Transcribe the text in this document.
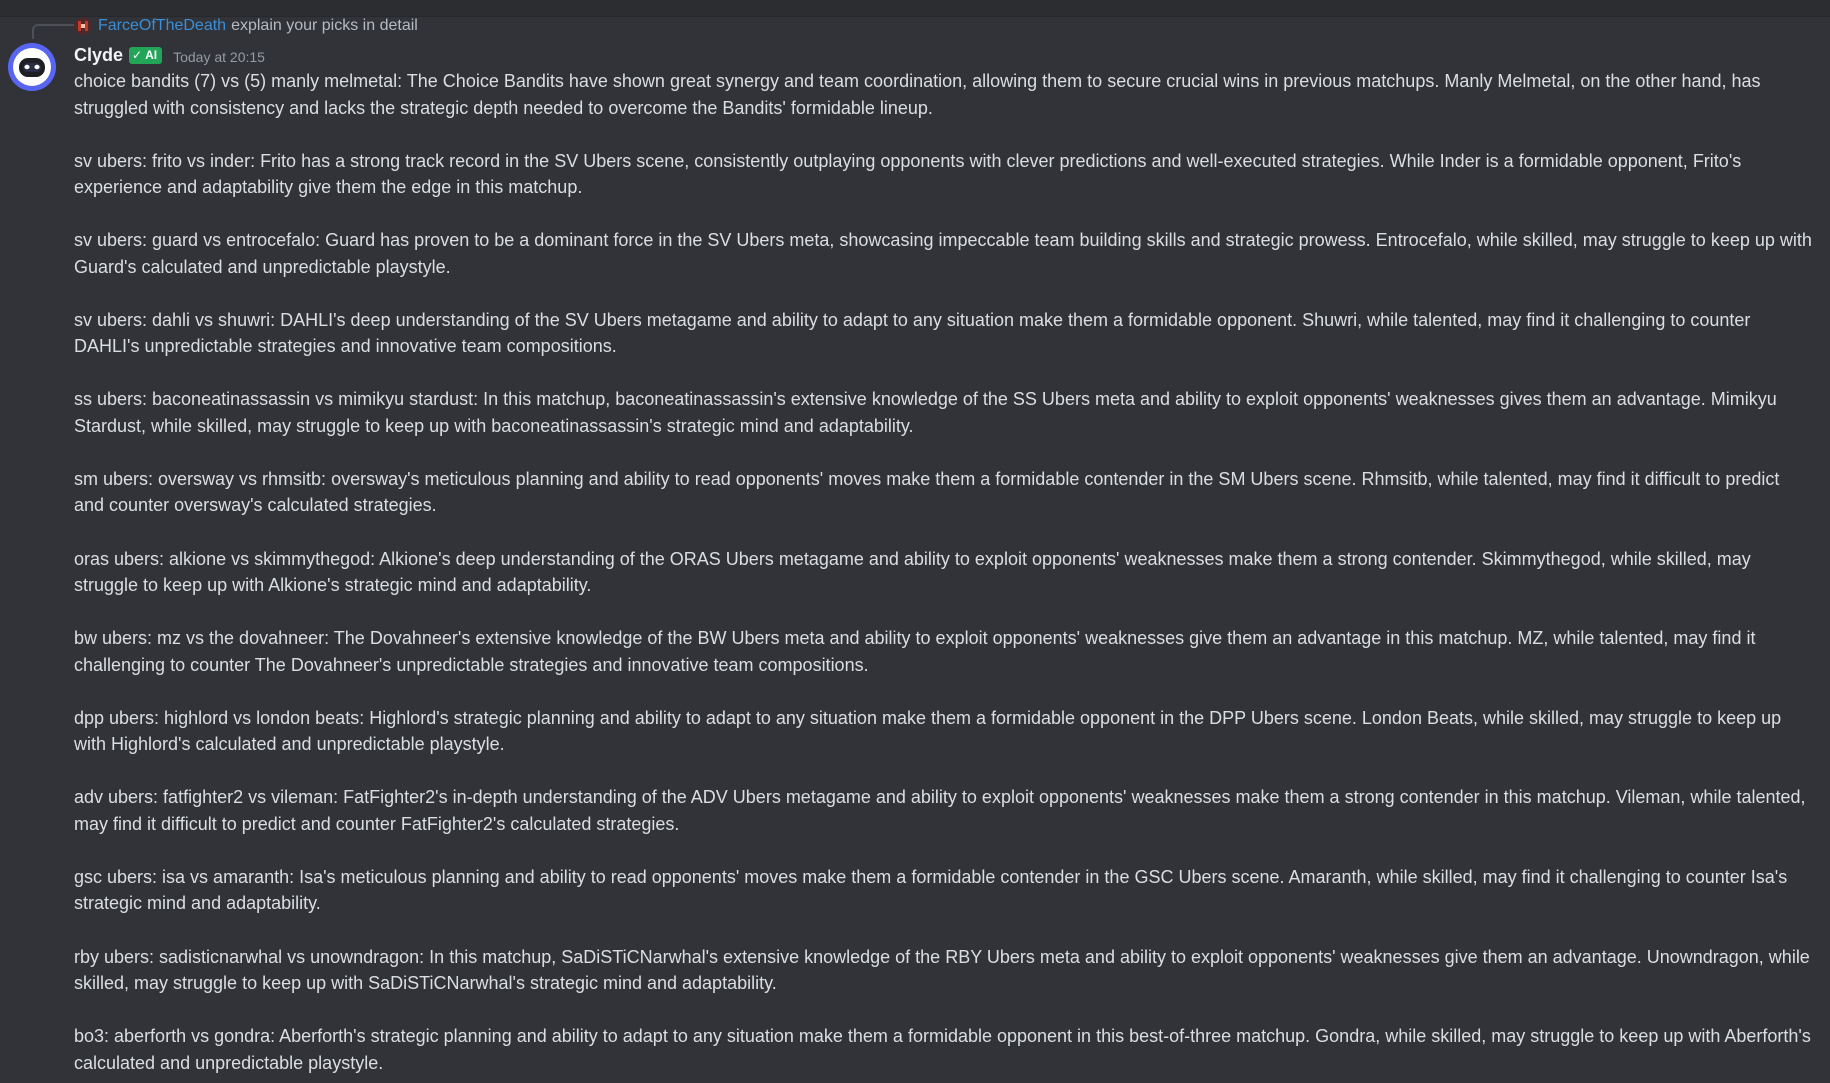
FarceOfTheDeath explain your picks in detail
Clyde ✓ AI Today at 20:15

choice bandits (7) vs (5) manly melmetal: The Choice Bandits have shown great synergy and team coordination, allowing them to secure crucial wins in previous matchups. Manly Melmetal, on the other hand, has struggled with consistency and lacks the strategic depth needed to overcome the Bandits' formidable lineup.

sv ubers: frito vs inder: Frito has a strong track record in the SV Ubers scene, consistently outplaying opponents with clever predictions and well-executed strategies. While Inder is a formidable opponent, Frito's experience and adaptability give them the edge in this matchup.

sv ubers: guard vs entrocefalo: Guard has proven to be a dominant force in the SV Ubers meta, showcasing impeccable team building skills and strategic prowess. Entrocefalo, while skilled, may struggle to keep up with Guard's calculated and unpredictable playstyle.

sv ubers: dahli vs shuwri: DAHLI's deep understanding of the SV Ubers metagame and ability to adapt to any situation make them a formidable opponent. Shuwri, while talented, may find it challenging to counter DAHLI's unpredictable strategies and innovative team compositions.

ss ubers: baconeatinassassin vs mimikyu stardust: In this matchup, baconeatinassassin's extensive knowledge of the SS Ubers meta and ability to exploit opponents' weaknesses gives them an advantage. Mimikyu Stardust, while skilled, may struggle to keep up with baconeatinassassin's strategic mind and adaptability.

sm ubers: oversway vs rhmsitb: oversway's meticulous planning and ability to read opponents' moves make them a formidable contender in the SM Ubers scene. Rhmsitb, while talented, may find it difficult to predict and counter oversway's calculated strategies.

oras ubers: alkione vs skimmythegod: Alkione's deep understanding of the ORAS Ubers metagame and ability to exploit opponents' weaknesses make them a strong contender. Skimmythegod, while skilled, may struggle to keep up with Alkione's strategic mind and adaptability.

bw ubers: mz vs the dovahneer: The Dovahneer's extensive knowledge of the BW Ubers meta and ability to exploit opponents' weaknesses give them an advantage in this matchup. MZ, while talented, may find it challenging to counter The Dovahneer's unpredictable strategies and innovative team compositions.

dpp ubers: highlord vs london beats: Highlord's strategic planning and ability to adapt to any situation make them a formidable opponent in the DPP Ubers scene. London Beats, while skilled, may struggle to keep up with Highlord's calculated and unpredictable playstyle.

adv ubers: fatfighter2 vs vileman: FatFighter2's in-depth understanding of the ADV Ubers metagame and ability to exploit opponents' weaknesses make them a strong contender in this matchup. Vileman, while talented, may find it difficult to predict and counter FatFighter2's calculated strategies.

gsc ubers: isa vs amaranth: Isa's meticulous planning and ability to read opponents' moves make them a formidable contender in the GSC Ubers scene. Amaranth, while skilled, may find it challenging to counter Isa's strategic mind and adaptability.

rby ubers: sadisticnarwhal vs unowndragon: In this matchup, SaDiSTiCNarwhal's extensive knowledge of the RBY Ubers meta and ability to exploit opponents' weaknesses give them an advantage. Unowndragon, while skilled, may struggle to keep up with SaDiSTiCNarwhal's strategic mind and adaptability.

bo3: aberforth vs gondra: Aberforth's strategic planning and ability to adapt to any situation make them a formidable opponent in this best-of-three matchup. Gondra, while skilled, may struggle to keep up with Aberforth's calculated and unpredictable playstyle.
